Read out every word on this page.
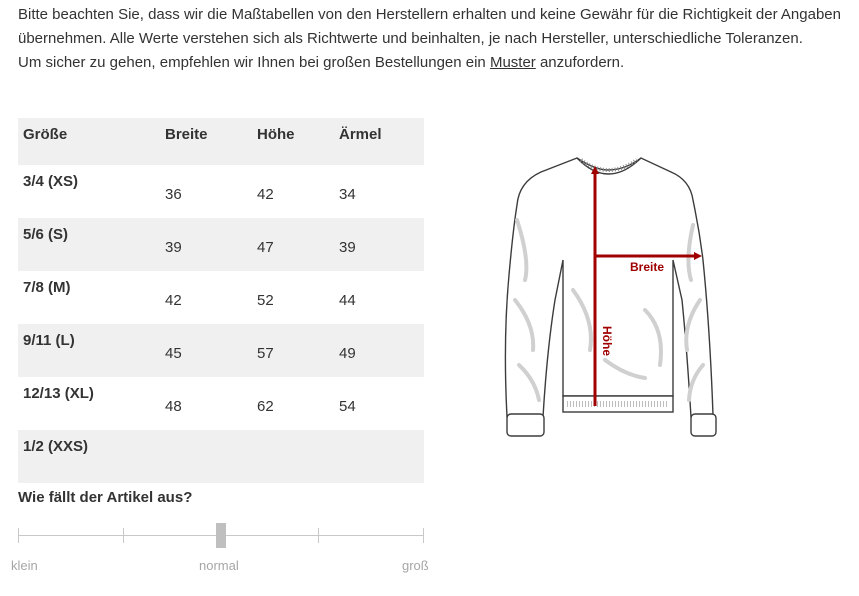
Bitte beachten Sie, dass wir die Maßtabellen von den Herstellern erhalten und keine Gewähr für die Richtigkeit der Angaben übernehmen. Alle Werte verstehen sich als Richtwerte und beinhalten, je nach Hersteller, unterschiedliche Toleranzen.

Um sicher zu gehen, empfehlen wir Ihnen bei großen Bestellungen ein Muster anzufordern.

Größe	Breite	Höhe	Ärmel
3/4 (XS)	36	42	34
5/6 (S)	39	47	39
7/8 (M)	42	52	44
9/11 (L)	45	57	49
12/13 (XL)	48	62	54
1/2 (XXS)			
Breite
Höhe
Wie fällt der Artikel aus?
klein	normal	groß
